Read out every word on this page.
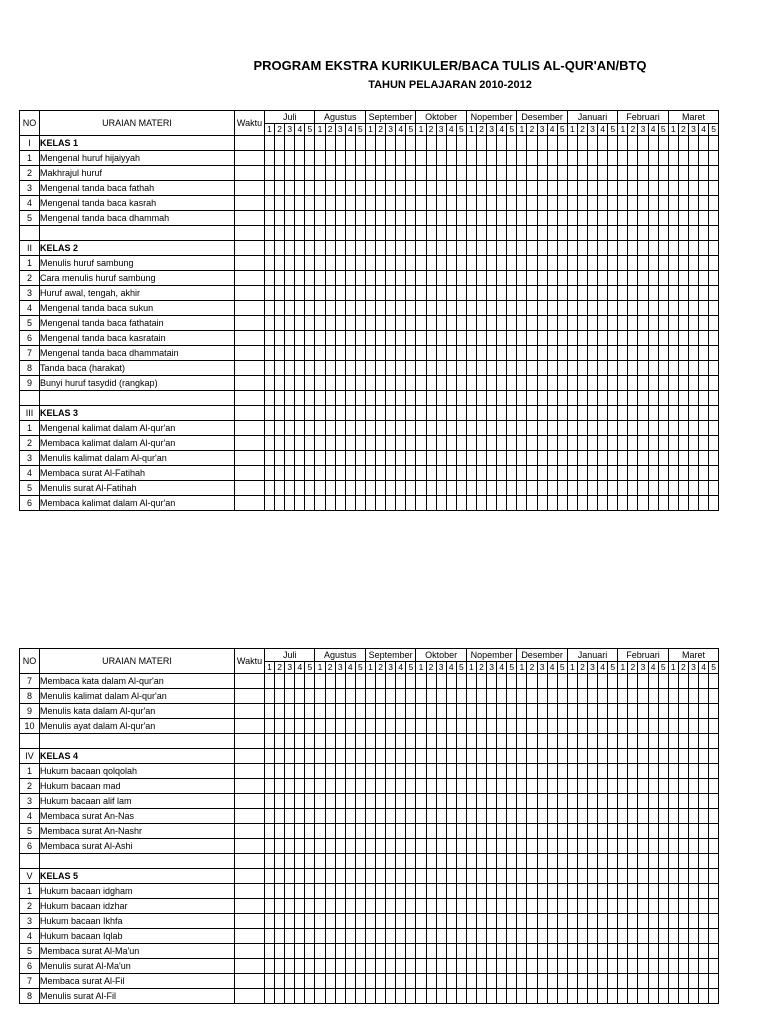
PROGRAM EKSTRA KURIKULER/BACA TULIS AL-QUR'AN/BTQ
TAHUN PELAJARAN 2010-2012
NO	URAIAN MATERI	Waktu	Juli					Agustus					September					Oktober					Nopember					Desember					Januari					Februari					Maret				
			1	2	3	4	5	1	2	3	4	5	1	2	3	4	5	1	2	3	4	5	1	2	3	4	5	1	2	3	4	5	1	2	3	4	5	1	2	3	4	5	1	2	3	4	5
I	KELAS 1																																														
1	Mengenal huruf hijaiyyah																																														
2	Makhrajul huruf																																														
3	Mengenal tanda baca fathah																																														
4	Mengenal tanda baca kasrah																																														
5	Mengenal tanda baca dhammah																																														

II	KELAS 2																																														
1	Menulis huruf sambung																																														
2	Cara menulis huruf sambung																																														
3	Huruf awal, tengah, akhir																																														
4	Mengenal tanda baca sukun																																														
5	Mengenal tanda baca fathatain																																														
6	Mengenal tanda baca kasratain																																														
7	Mengenal tanda baca dhammatain																																														
8	Tanda baca (harakat)																																														
9	Bunyi huruf tasydid (rangkap)																																														

III	KELAS 3																																														
1	Mengenal kalimat dalam Al-qur'an																																														
2	Membaca kalimat dalam Al-qur'an																																														
3	Menulis kalimat dalam Al-qur'an																																														
4	Membaca surat Al-Fatihah																																														
5	Menulis surat Al-Fatihah																																														
6	Membaca kalimat dalam Al-qur'an																																														
NO	URAIAN MATERI	Waktu	Juli					Agustus					September					Oktober					Nopember					Desember					Januari					Februari					Maret				
			1	2	3	4	5	1	2	3	4	5	1	2	3	4	5	1	2	3	4	5	1	2	3	4	5	1	2	3	4	5	1	2	3	4	5	1	2	3	4	5	1	2	3	4	5
7	Membaca kata dalam Al-qur'an																																														
8	Menulis kalimat dalam Al-qur'an																																														
9	Menulis kata dalam Al-qur'an																																														
10	Menulis ayat dalam Al-qur'an																																														

IV	KELAS 4																																														
1	Hukum bacaan qolqolah																																														
2	Hukum bacaan mad																																														
3	Hukum bacaan alif lam																																														
4	Membaca surat An-Nas																																														
5	Membaca surat An-Nashr																																														
6	Membaca surat Al-Ashi																																														

V	KELAS 5																																														
1	Hukum bacaan idgham																																														
2	Hukum bacaan idzhar																																														
3	Hukum bacaan Ikhfa																																														
4	Hukum bacaan Iqlab																																														
5	Membaca surat Al-Ma'un																																														
6	Menulis surat Al-Ma'un																																														
7	Membaca surat Al-Fil																																														
8	Menulis surat Al-Fil																																														
